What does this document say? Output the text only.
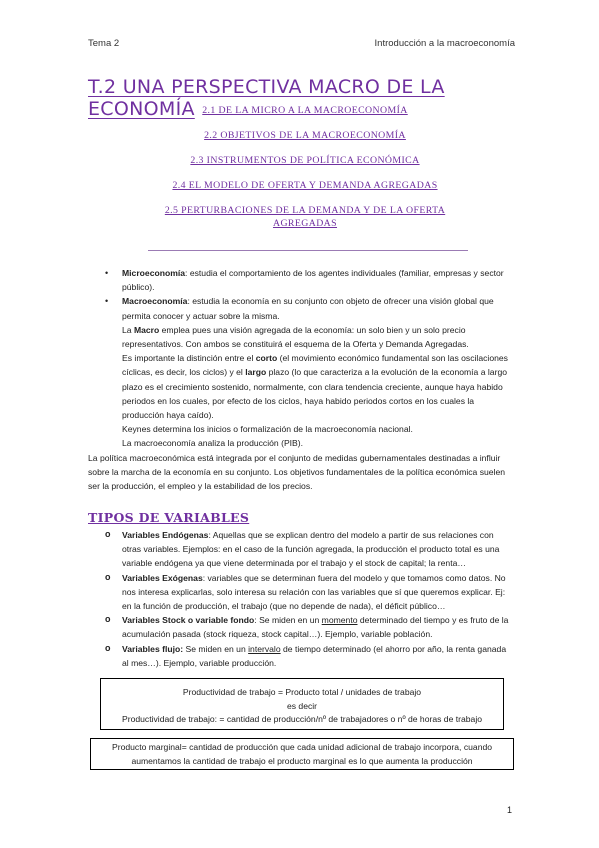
Tema 2	Introducción a la macroeconomía
T.2 UNA PERSPECTIVA MACRO DE LA ECONOMÍA 2.1 DE LA MICRO A LA MACROECONOMÍA
2.2 OBJETIVOS DE LA MACROECONOMÍA
2.3 INSTRUMENTOS DE POLÍTICA ECONÓMICA
2.4 EL MODELO DE OFERTA Y DEMANDA AGREGADAS
2.5 PERTURBACIONES DE LA DEMANDA Y DE LA OFERTA AGREGADAS
• Microeconomía: estudia el comportamiento de los agentes individuales (familiar, empresas y sector público).
• Macroeconomía: estudia la economía en su conjunto con objeto de ofrecer una visión global que permita conocer y actuar sobre la misma.

La Macro emplea pues una visión agregada de la economía: un solo bien y un solo precio representativos. Con ambos se constituirá el esquema de la Oferta y Demanda Agregadas.

Es importante la distinción entre el corto (el movimiento económico fundamental son las oscilaciones cíclicas, es decir, los ciclos) y el largo plazo (lo que caracteriza a la evolución de la economía a largo plazo es el crecimiento sostenido, normalmente, con clara tendencia creciente, aunque haya habido periodos en los cuales, por efecto de los ciclos, haya habido periodos cortos en los cuales la producción haya caído).

Keynes determina los inicios o formalización de la macroeconomía nacional.

La macroeconomía analiza la producción (PIB).

La política macroeconómica está integrada por el conjunto de medidas gubernamentales destinadas a influir sobre la marcha de la economía en su conjunto. Los objetivos fundamentales de la política económica suelen ser la producción, el empleo y la estabilidad de los precios.

TIPOS DE VARIABLES
o Variables Endógenas: Aquellas que se explican dentro del modelo a partir de sus relaciones con otras variables. Ejemplos: en el caso de la función agregada, la producción el producto total es una variable endógena ya que viene determinada por el trabajo y el stock de capital; la renta…
o Variables Exógenas: variables que se determinan fuera del modelo y que tomamos como datos. No nos interesa explicarlas, solo interesa su relación con las variables que sí que queremos explicar. Ej: en la función de producción, el trabajo (que no depende de nada), el déficit público…
o Variables Stock o variable fondo: Se miden en un momento determinado del tiempo y es fruto de la acumulación pasada (stock riqueza, stock capital…). Ejemplo, variable población.
o Variables flujo: Se miden en un intervalo de tiempo determinado (el ahorro por año, la renta ganada al mes…). Ejemplo, variable producción.
Productividad de trabajo = Producto total / unidades de trabajo
es decir
Productividad de trabajo: = cantidad de producción/nº de trabajadores o nº de horas de trabajo
Producto marginal= cantidad de producción que cada unidad adicional de trabajo incorpora, cuando aumentamos la cantidad de trabajo el producto marginal es lo que aumenta la producción
1
